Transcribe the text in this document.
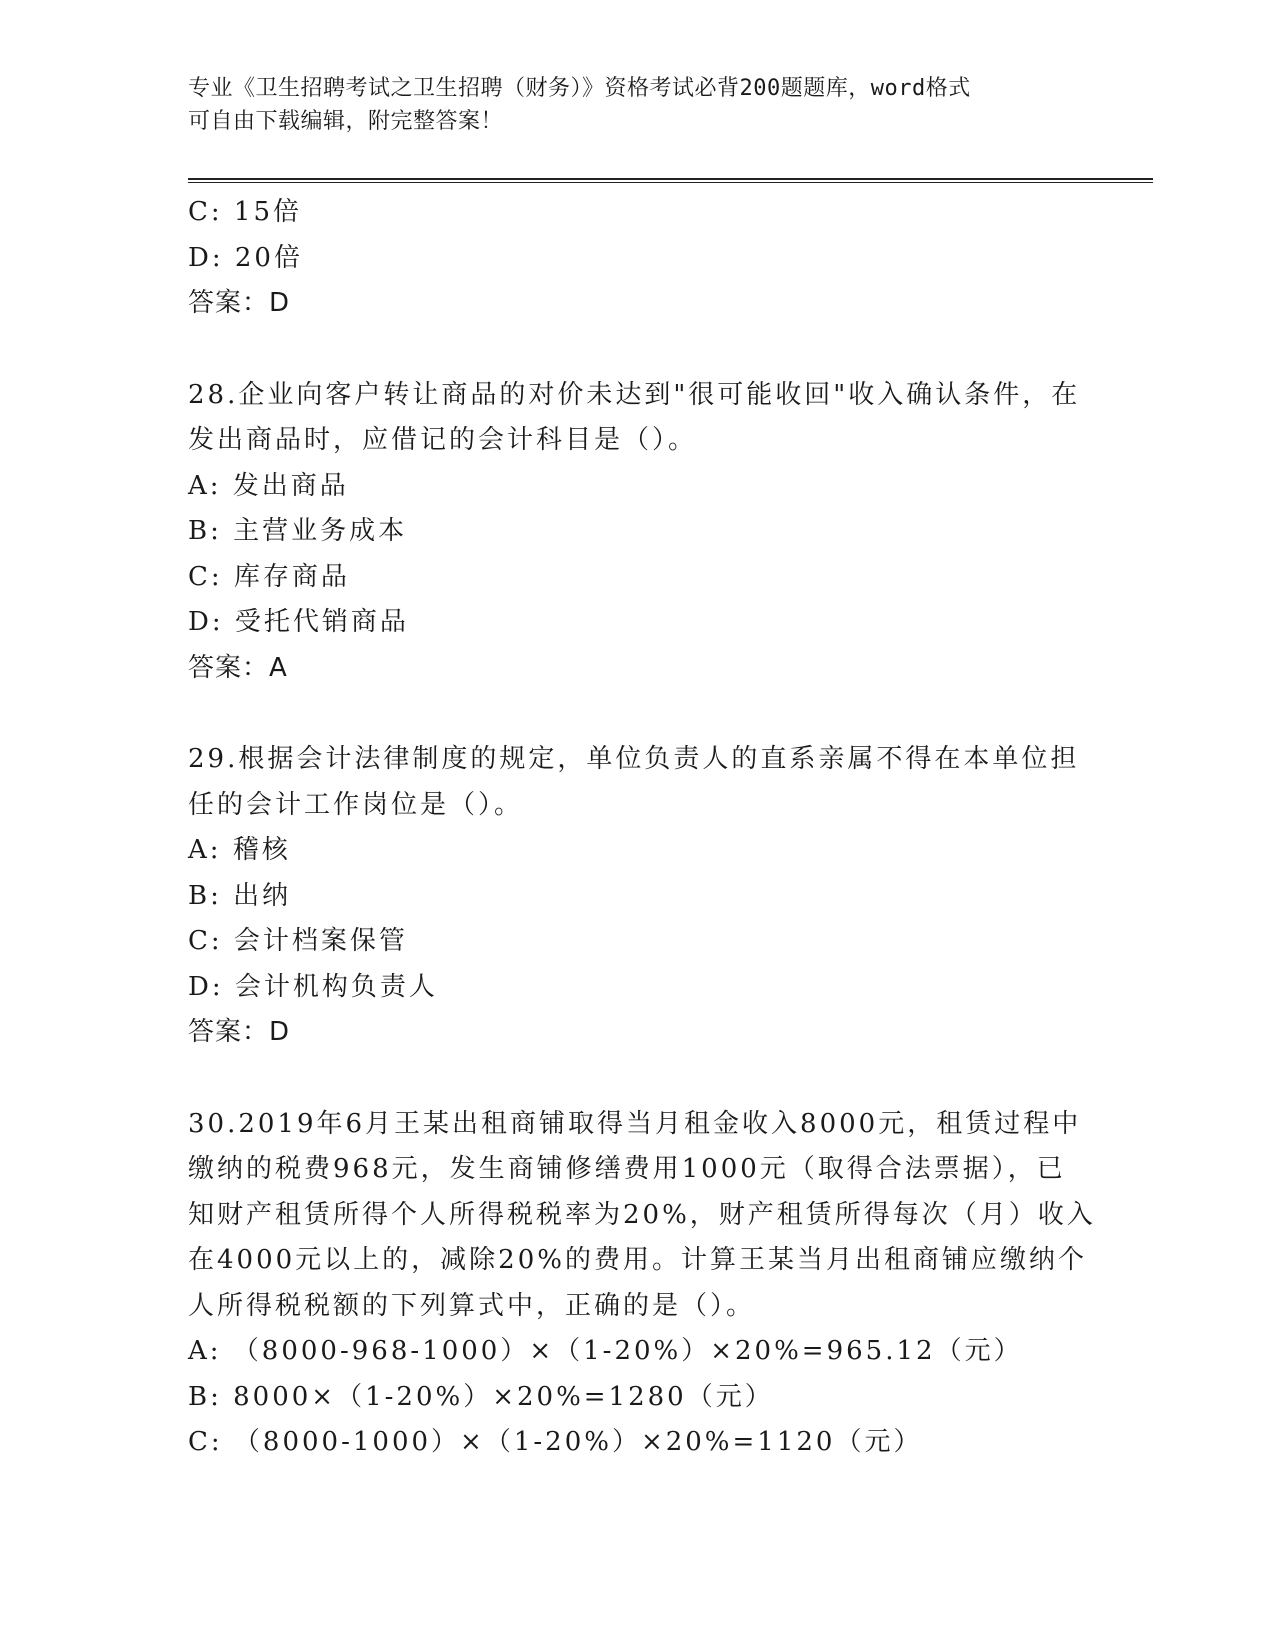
专业《卫生招聘考试之卫生招聘（财务）》资格考试必背200题题库，word格式
可自由下载编辑，附完整答案！
C: 15倍
D: 20倍
答案：D
28.企业向客户转让商品的对价未达到"很可能收回"收入确认条件，在
发出商品时，应借记的会计科目是（）。
A: 发出商品
B: 主营业务成本
C: 库存商品
D: 受托代销商品
答案：A
29.根据会计法律制度的规定，单位负责人的直系亲属不得在本单位担
任的会计工作岗位是（）。
A: 稽核
B: 出纳
C: 会计档案保管
D: 会计机构负责人
答案：D
30.2019年6月王某出租商铺取得当月租金收入8000元，租赁过程中
缴纳的税费968元，发生商铺修缮费用1000元（取得合法票据），已
知财产租赁所得个人所得税税率为20%，财产租赁所得每次（月）收入
在4000元以上的，减除20%的费用。计算王某当月出租商铺应缴纳个
人所得税税额的下列算式中，正确的是（）。
A: （8000-968-1000）×（1-20%）×20%=965.12（元）
B: 8000×（1-20%）×20%=1280（元）
C: （8000-1000）×（1-20%）×20%=1120（元）
